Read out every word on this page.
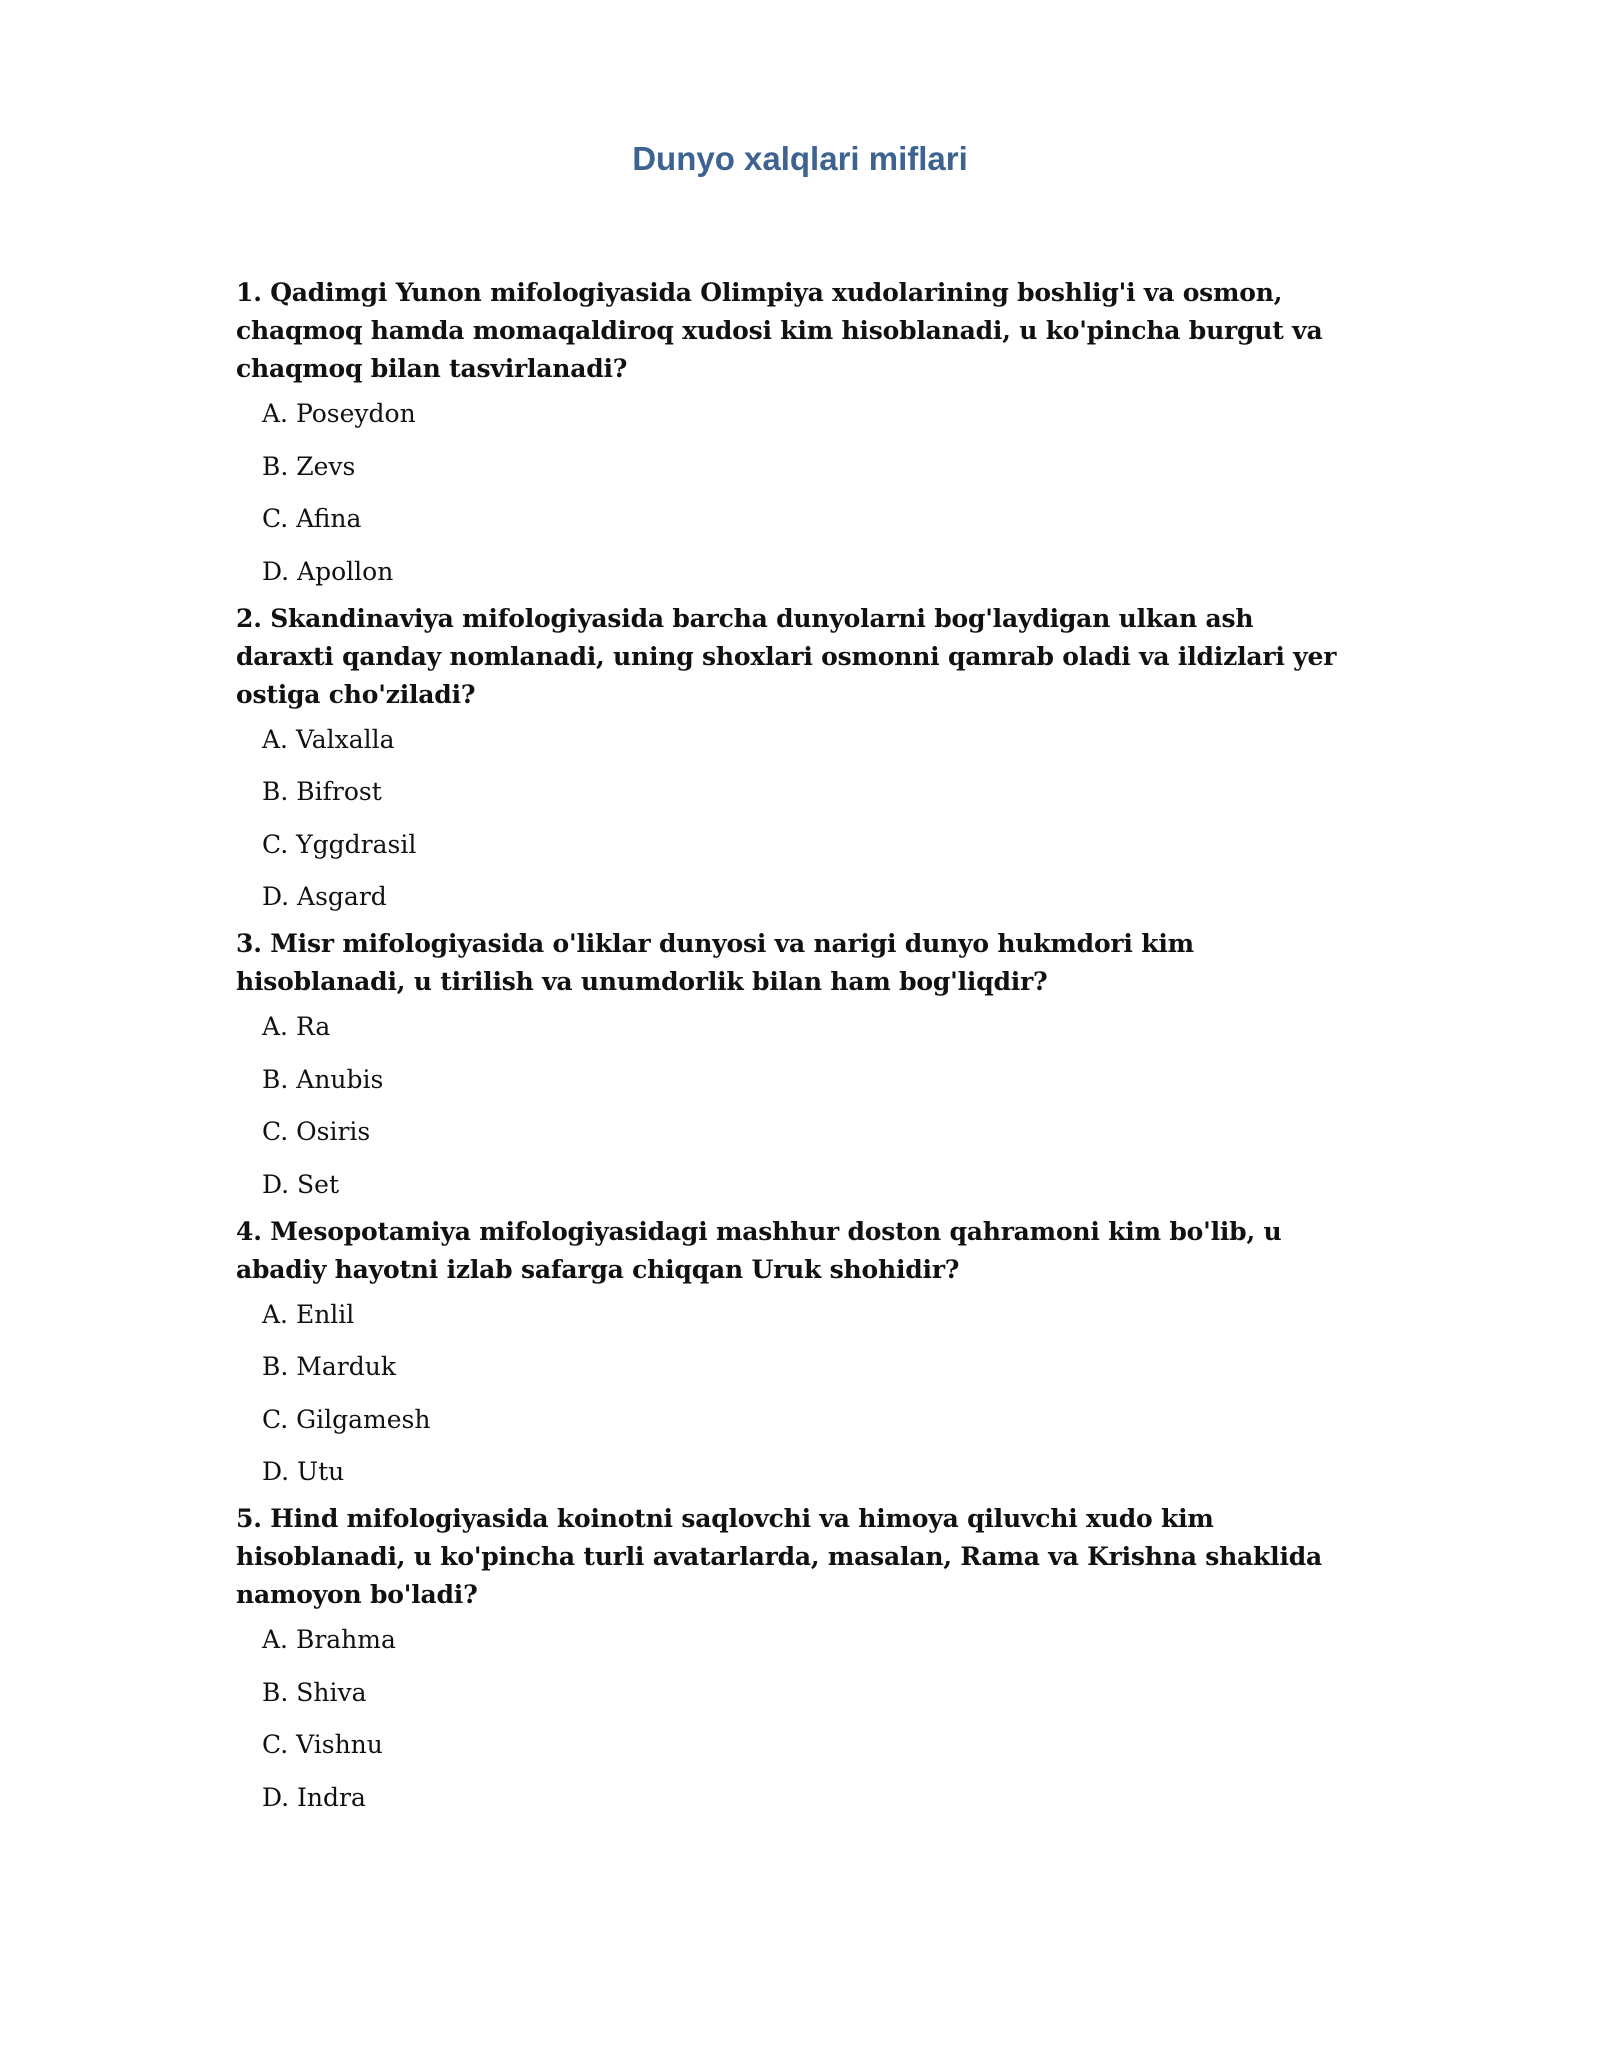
Dunyo xalqlari miflari

1. Qadimgi Yunon mifologiyasida Olimpiya xudolarining boshlig'i va osmon, chaqmoq hamda momaqaldiroq xudosi kim hisoblanadi, u ko'pincha burgut va chaqmoq bilan tasvirlanadi?

A. Poseydon
B. Zevs
C. Afina
D. Apollon

2. Skandinaviya mifologiyasida barcha dunyolarni bog'laydigan ulkan ash daraxti qanday nomlanadi, uning shoxlari osmonni qamrab oladi va ildizlari yer ostiga cho'ziladi?

A. Valxalla
B. Bifrost
C. Yggdrasil
D. Asgard

3. Misr mifologiyasida o'liklar dunyosi va narigi dunyo hukmdori kim hisoblanadi, u tirilish va unumdorlik bilan ham bog'liqdir?

A. Ra
B. Anubis
C. Osiris
D. Set

4. Mesopotamiya mifologiyasidagi mashhur doston qahramoni kim bo'lib, u abadiy hayotni izlab safarga chiqqan Uruk shohidir?

A. Enlil
B. Marduk
C. Gilgamesh
D. Utu

5. Hind mifologiyasida koinotni saqlovchi va himoya qiluvchi xudo kim hisoblanadi, u ko'pincha turli avatarlarda, masalan, Rama va Krishna shaklida namoyon bo'ladi?

A. Brahma
B. Shiva
C. Vishnu
D. Indra
